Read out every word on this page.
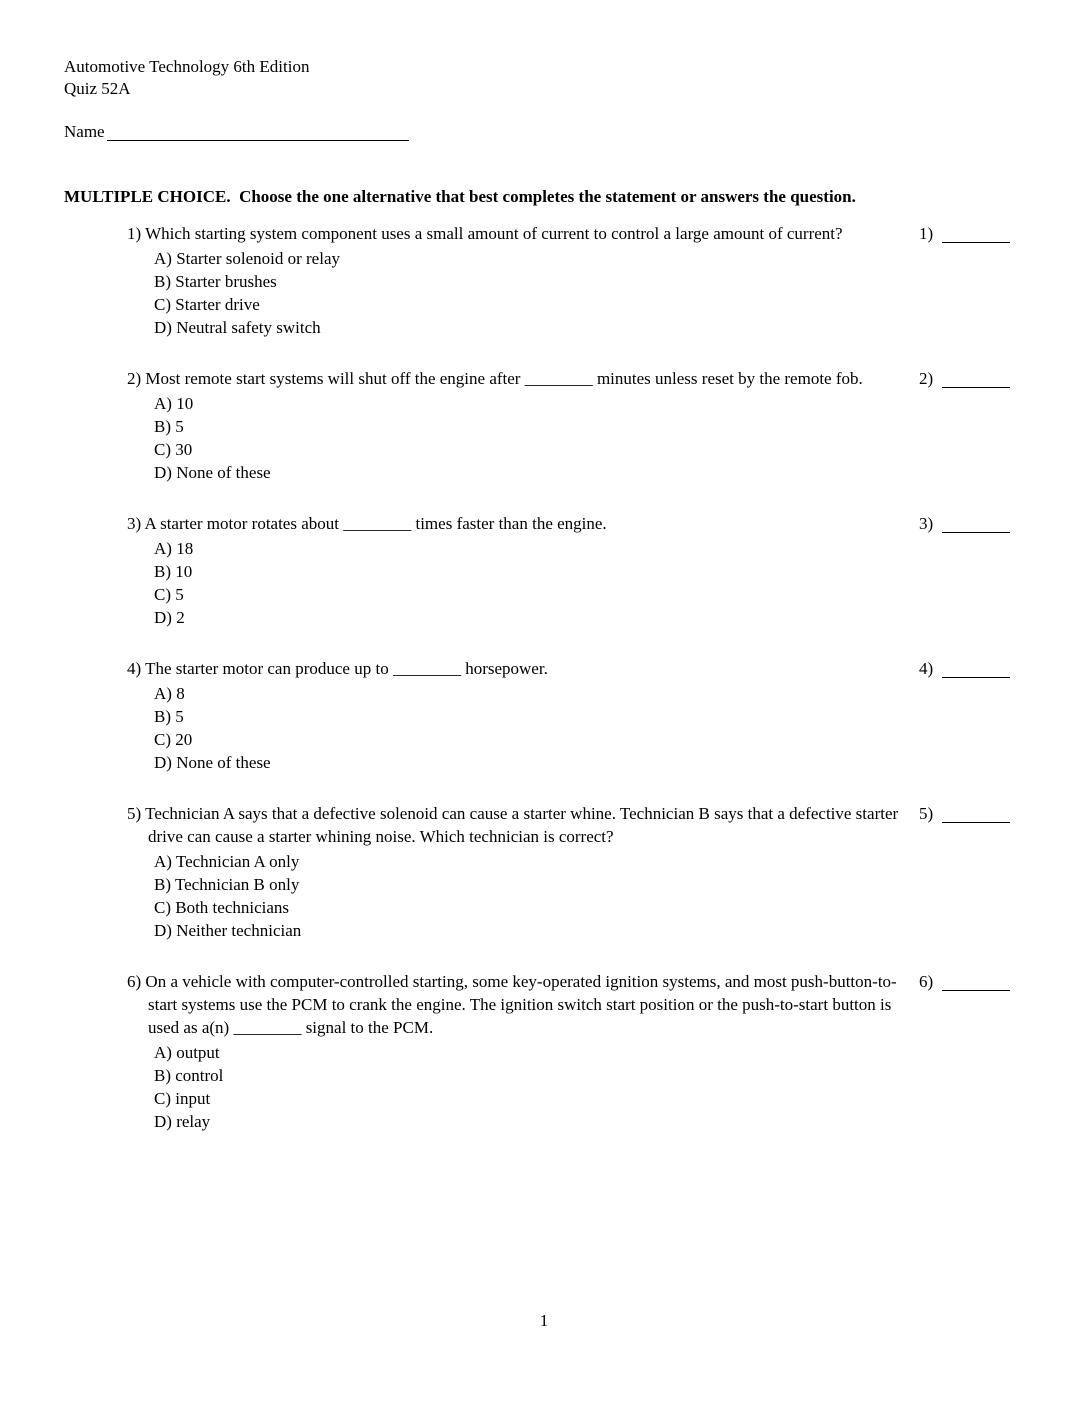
Automotive Technology 6th Edition
Quiz 52A
Name
MULTIPLE CHOICE.  Choose the one alternative that best completes the statement or answers the question.
1) Which starting system component uses a small amount of current to control a large amount of current?
A) Starter solenoid or relay
B) Starter brushes
C) Starter drive
D) Neutral safety switch
1)
2) Most remote start systems will shut off the engine after ________ minutes unless reset by the remote fob.
A) 10
B) 5
C) 30
D) None of these
2)
3) A starter motor rotates about ________ times faster than the engine.
A) 18
B) 10
C) 5
D) 2
3)
4) The starter motor can produce up to ________ horsepower.
A) 8
B) 5
C) 20
D) None of these
4)
5) Technician A says that a defective solenoid can cause a starter whine. Technician B says that a defective starter drive can cause a starter whining noise. Which technician is correct?
A) Technician A only
B) Technician B only
C) Both technicians
D) Neither technician
5)
6) On a vehicle with computer-controlled starting, some key-operated ignition systems, and most push-button-to-start systems use the PCM to crank the engine. The ignition switch start position or the push-to-start button is used as a(n) ________ signal to the PCM.
A) output
B) control
C) input
D) relay
6)
1
